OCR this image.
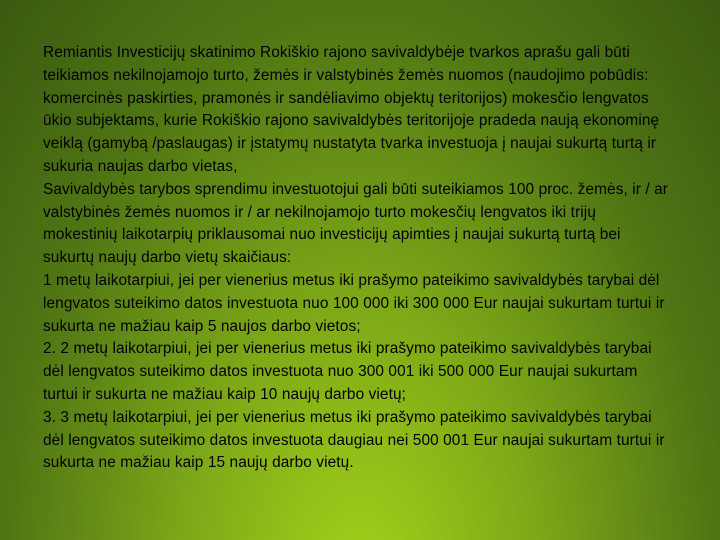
Remiantis Investicijų skatinimo Rokiškio rajono savivaldybėje tvarkos aprašu gali būti teikiamos nekilnojamojo turto, žemės ir valstybinės žemės nuomos (naudojimo pobūdis: komercinės paskirties, pramonės ir sandėliavimo objektų teritorijos) mokesčio lengvatos ūkio subjektams, kurie Rokiškio rajono savivaldybės teritorijoje pradeda naują ekonominę veiklą (gamybą /paslaugas) ir įstatymų nustatyta tvarka investuoja į naujai sukurtą turtą ir sukuria naujas darbo vietas,

Savivaldybės tarybos sprendimu investuotojui gali būti suteikiamos 100 proc. žemės, ir / ar valstybinės žemės nuomos ir / ar nekilnojamojo turto mokesčių lengvatos iki trijų mokestinių laikotarpių priklausomai nuo investicijų apimties į naujai sukurtą turtą bei sukurtų naujų darbo vietų skaičiaus:

1 metų laikotarpiui, jei per vienerius metus iki prašymo pateikimo savivaldybės tarybai dėl lengvatos suteikimo datos investuota nuo 100 000 iki 300 000 Eur naujai sukurtam turtui ir sukurta ne mažiau kaip 5 naujos darbo vietos;

2. 2 metų laikotarpiui, jei per vienerius metus iki prašymo pateikimo savivaldybės tarybai dėl lengvatos suteikimo datos investuota nuo 300 001 iki 500 000 Eur naujai sukurtam turtui ir sukurta ne mažiau kaip 10 naujų darbo vietų;

3. 3 metų laikotarpiui, jei per vienerius metus iki prašymo pateikimo savivaldybės tarybai dėl lengvatos suteikimo datos investuota daugiau nei 500 001 Eur naujai sukurtam turtui ir sukurta ne mažiau kaip 15 naujų darbo vietų.
